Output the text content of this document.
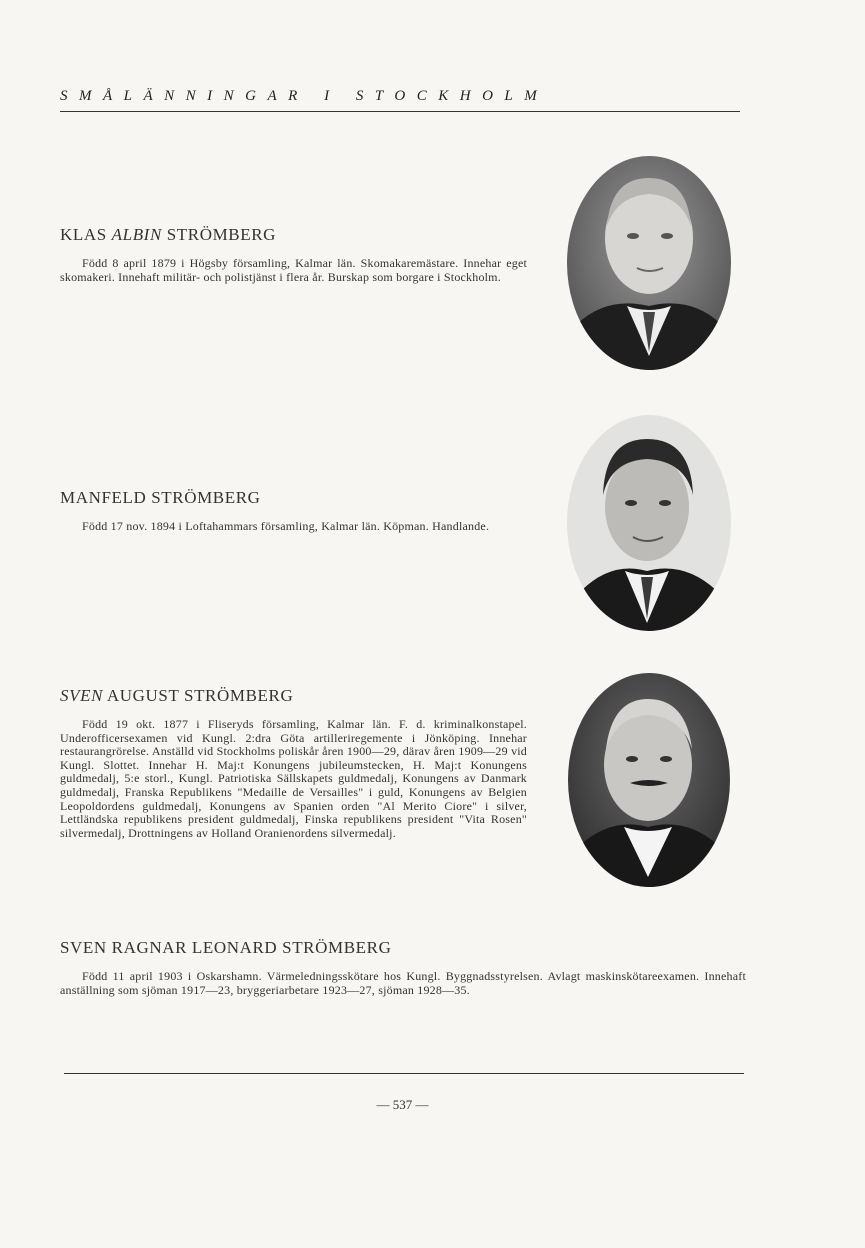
SMÅLÄNNINGAR I STOCKHOLM
KLAS ALBIN STRÖMBERG

Född 8 april 1879 i Högsby församling, Kalmar län. Skomakaremästare. Innehar eget skomakeri. Innehaft militär- och polistjänst i flera år. Burskap som borgare i Stockholm.

MANFELD STRÖMBERG

Född 17 nov. 1894 i Loftahammars församling, Kalmar län. Köpman. Handlande.

SVEN AUGUST STRÖMBERG

Född 19 okt. 1877 i Fliseryds församling, Kalmar län. F. d. kriminalkonstapel. Underofficersexamen vid Kungl. 2:dra Göta artilleriregemente i Jönköping. Innehar restaurangrörelse. Anställd vid Stockholms poliskår åren 1900—29, därav åren 1909—29 vid Kungl. Slottet. Innehar H. Maj:t Konungens jubileumstecken, H. Maj:t Konungens guldmedalj, 5:e storl., Kungl. Patriotiska Sällskapets guldmedalj, Konungens av Danmark guldmedalj, Franska Republikens "Medaille de Versailles" i guld, Konungens av Belgien Leopoldordens guldmedalj, Konungens av Spanien orden "Al Merito Ciore" i silver, Lettländska republikens president guldmedalj, Finska republikens president "Vita Rosen" silvermedalj, Drottningens av Holland Oranienordens silvermedalj.

SVEN RAGNAR LEONARD STRÖMBERG

Född 11 april 1903 i Oskarshamn. Värmeledningsskötare hos Kungl. Byggnadsstyrelsen. Avlagt maskinskötareexamen. Innehaft anställning som sjöman 1917—23, bryggeriarbetare 1923—27, sjöman 1928—35.

— 537 —
